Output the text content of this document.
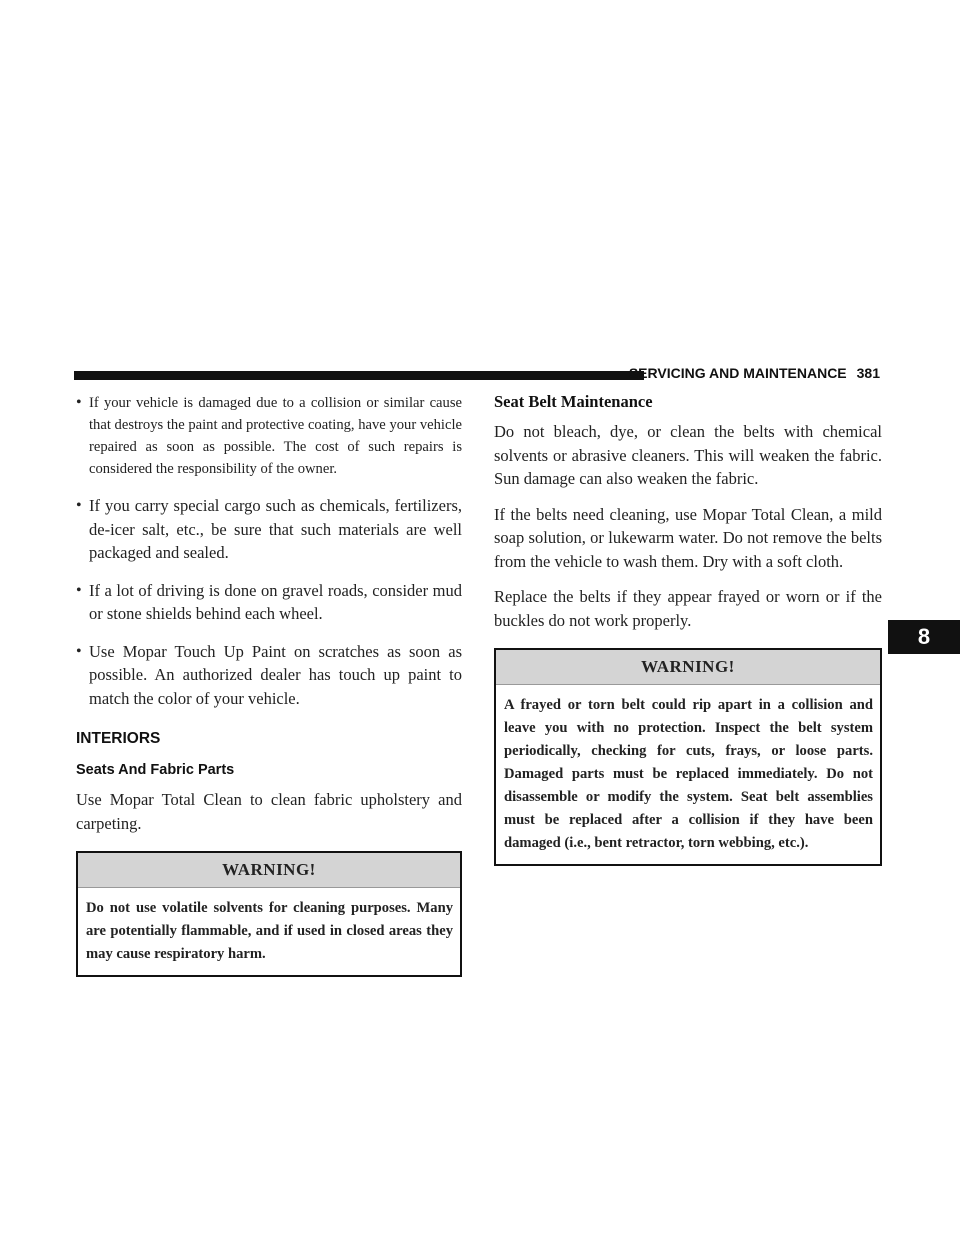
SERVICING AND MAINTENANCE 381
8
• If your vehicle is damaged due to a collision or similar cause that destroys the paint and protective coating, have your vehicle repaired as soon as possible. The cost of such repairs is considered the responsibility of the owner.
• If you carry special cargo such as chemicals, fertilizers, de-icer salt, etc., be sure that such materials are well packaged and sealed.
• If a lot of driving is done on gravel roads, consider mud or stone shields behind each wheel.
• Use Mopar Touch Up Paint on scratches as soon as possible. An authorized dealer has touch up paint to match the color of your vehicle.
INTERIORS
Seats And Fabric Parts

Use Mopar Total Clean to clean fabric upholstery and carpeting.

WARNING!
Do not use volatile solvents for cleaning purposes. Many are potentially flammable, and if used in closed areas they may cause respiratory harm.
Seat Belt Maintenance

Do not bleach, dye, or clean the belts with chemical solvents or abrasive cleaners. This will weaken the fabric. Sun damage can also weaken the fabric.

If the belts need cleaning, use Mopar Total Clean, a mild soap solution, or lukewarm water. Do not remove the belts from the vehicle to wash them. Dry with a soft cloth.

Replace the belts if they appear frayed or worn or if the buckles do not work properly.

WARNING!
A frayed or torn belt could rip apart in a collision and leave you with no protection. Inspect the belt system periodically, checking for cuts, frays, or loose parts. Damaged parts must be replaced immediately. Do not disassemble or modify the system. Seat belt assemblies must be replaced after a collision if they have been damaged (i.e., bent retractor, torn webbing, etc.).
